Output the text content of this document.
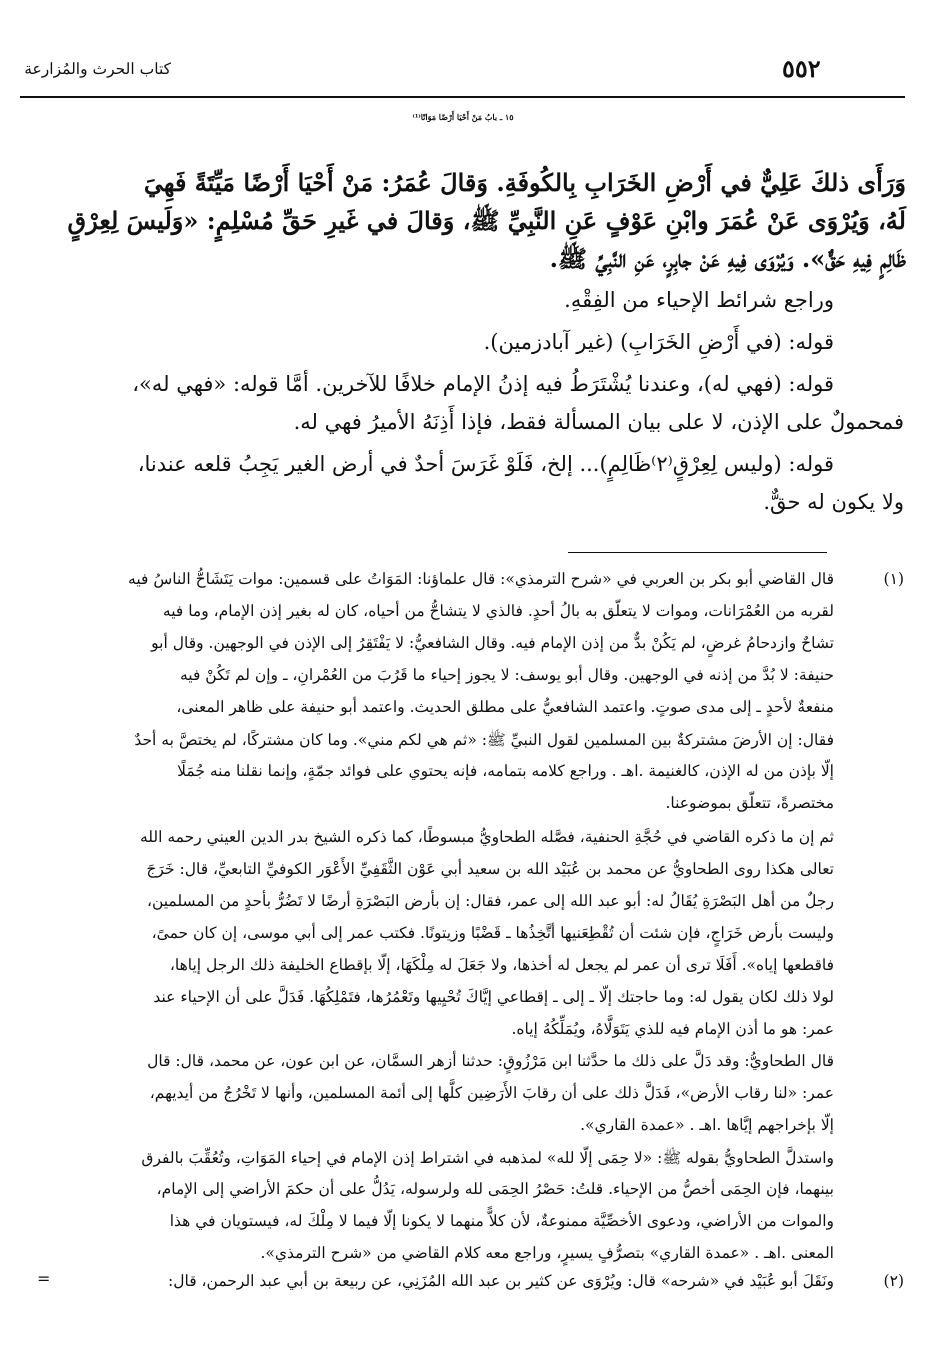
كتاب الحرث والمُزارعة	٥٥٢
١٥ ـ بابُ مَنْ أَحْيَا أَرْضًا مَوَاتًا⁽¹⁾
وَرَأَى ذلكَ عَلِيٌّ في أَرْضِ الخَرَابِ بِالكُوفَةِ. وَقالَ عُمَرُ: مَنْ أَحْيَا أَرْضًا مَيِّتَةً فَهِيَ
لَهُ، وَيُرْوَى عَنْ عُمَرَ وابْنِ عَوْفٍ عَنِ النَّبِيِّ ﷺ، وَقالَ في غَيرِ حَقِّ مُسْلِمٍ: «وَلَيسَ لِعِرْقٍ
ظَالِمٍ فِيهِ حَقٌّ». وَيُرْوَى فِيهِ عَنْ جابِرٍ، عَنِ النَّبِيِّ ﷺ.
وراجع شرائط الإحياء من الفِقْهِ.
قوله: (في أَرْضِ الخَرَابِ) (غير آبادزمين).
قوله: (فهي له)، وعندنا يُشْتَرَطُ فيه إذنُ الإمام خلافًا للآخرين. أمَّا قوله: «فهي له»،
فمحمولٌ على الإذن، لا على بيان المسألة فقط، فإذا أَذِنَهُ الأميرُ فهي له.
قوله: (وليس لِعِرْقٍ⁽٢⁾ظَالِمٍ)... إلخ، فَلَوْ غَرَسَ أحدٌ في أرض الغير يَجِبُ قلعه عندنا،
ولا يكون له حقٌّ.
(١)
قال القاضي أبو بكر بن العربي في «شرح الترمذي»: قال علماؤنا: المَوَاتُ على قسمين: موات يَتَشَاحُّ الناسُ فيه
لقربه من العُمْرَانات، وموات لا يتعلّق به بالُ أحدٍ. فالذي لا يتشاحُّ من أحياه، كان له بغير إذن الإمام، وما فيه
تشاحٌ وازدحامُ غرضٍ، لم يَكُنْ بدٌّ من إذن الإمام فيه. وقال الشافعيُّ: لا يَفْتَقِرُ إلى الإذن في الوجهين. وقال أبو
حنيفة: لا بُدَّ من إذنه في الوجهين. وقال أبو يوسف: لا يجوز إحياء ما قَرُبَ من العُمْرانِ، ـ وإن لم تَكُنْ فيه
منفعةٌ لأحدٍ ـ إلى مدى صوتٍ. واعتمد الشافعيُّ على مطلق الحديث. واعتمد أبو حنيفة على ظاهر المعنى،
فقال: إن الأرضَ مشتركةٌ بين المسلمين لقول النبيِّ ﷺ: «ثم هي لكم مني». وما كان مشتركًا، لم يختصَّ به أحدٌ
إلّا بإذن من له الإذن، كالغنيمة .اهـ . وراجع كلامه بتمامه، فإنه يحتوي على فوائد جمّةٍ، وإنما نقلنا منه جُمَلًا
مختصرةً، تتعلّق بموضوعنا.
ثم إن ما ذكره القاضي في حُجَّةِ الحنفية، فصَّله الطحاويُّ مبسوطًا، كما ذكره الشيخ بدر الدين العيني رحمه الله
تعالى هكذا روى الطحاويُّ عن محمد بن عُبَيْد الله بن سعيد أبي عَوْن الثَّقَفِيِّ الأَعْوَر الكوفيِّ التابعيِّ، قال: خَرَجَ
رجلٌ من أهل البَصْرَةِ يُقَالُ له: أبو عبد الله إلى عمر، فقال: إن بأرض البَصْرَةِ أرضًا لا تَضُرُّ بأحدٍ من المسلمين،
وليست بأرض خَرَاجٍ، فإن شئت أن تُقْطِعَنيها أتَّخِذُها ـ قَضْبًا وزيتونًا. فكتب عمر إلى أبي موسى، إن كان حمىً،
فاقطعها إياه». أَفَلَا ترى أن عمر لم يجعل له أخذها، ولا جَعَلَ له مِلْكَهَا، إلّا بإقطاع الخليفة ذلك الرجل إياها،
لولا ذلك لكان يقول له: وما حاجتك إلّا ـ إلى ـ إقطاعي إيَّاكَ تُحْيِيها وتَعْمُرُها، فتَمْلِكُهَا. فَدَلَّ على أن الإحياء عند
عمر: هو ما أذن الإمام فيه للذي يَتَوَلَّاهُ، ويُمَلِّكُهُ إياه.
قال الطحاويُّ: وقد دَلَّ على ذلك ما حدَّثنا ابن مَرْزُوقٍ: حدثنا أزهر السمَّان، عن ابن عون، عن محمد، قال: قال
عمر: «لنا رقاب الأرض»، فَدَلَّ ذلك على أن رقابَ الأَرَضِين كلَّها إلى أئمة المسلمين، وأنها لا تَخْرُجُ من أيديهم،
إلّا بإخراجهم إيَّاها .اهـ . «عمدة القاري».
واستدلَّ الطحاويُّ بقوله ﷺ: «لا حِمَى إلّا لله» لمذهبه في اشتراط إذن الإمام في إحياء المَوَاتِ، وتُعُقِّبَ بالفرق
بينهما، فإن الحِمَى أخصُّ من الإحياء. قلتُ: حَصْرُ الحِمَى لله ولرسوله، يَدُلُّ على أن حكمَ الأراضي إلى الإمام،
والموات من الأراضي، ودعوى الأخصِّيَّة ممنوعةٌ، لأن كلاًّ منهما لا يكونا إلّا فيما لا مِلْكَ له، فيستويان في هذا
المعنى .اهـ . «عمدة القاري» بتصرُّفٍ يسيرٍ، وراجع معه كلام القاضي من «شرح الترمذي».
(٢)
ونَقَلَ أبو عُبَيْد في «شرحه» قال: ويُرْوَى عن كثير بن عبد الله المُزَنِي، عن ربيعة بن أبي عبد الرحمن، قال:
=
